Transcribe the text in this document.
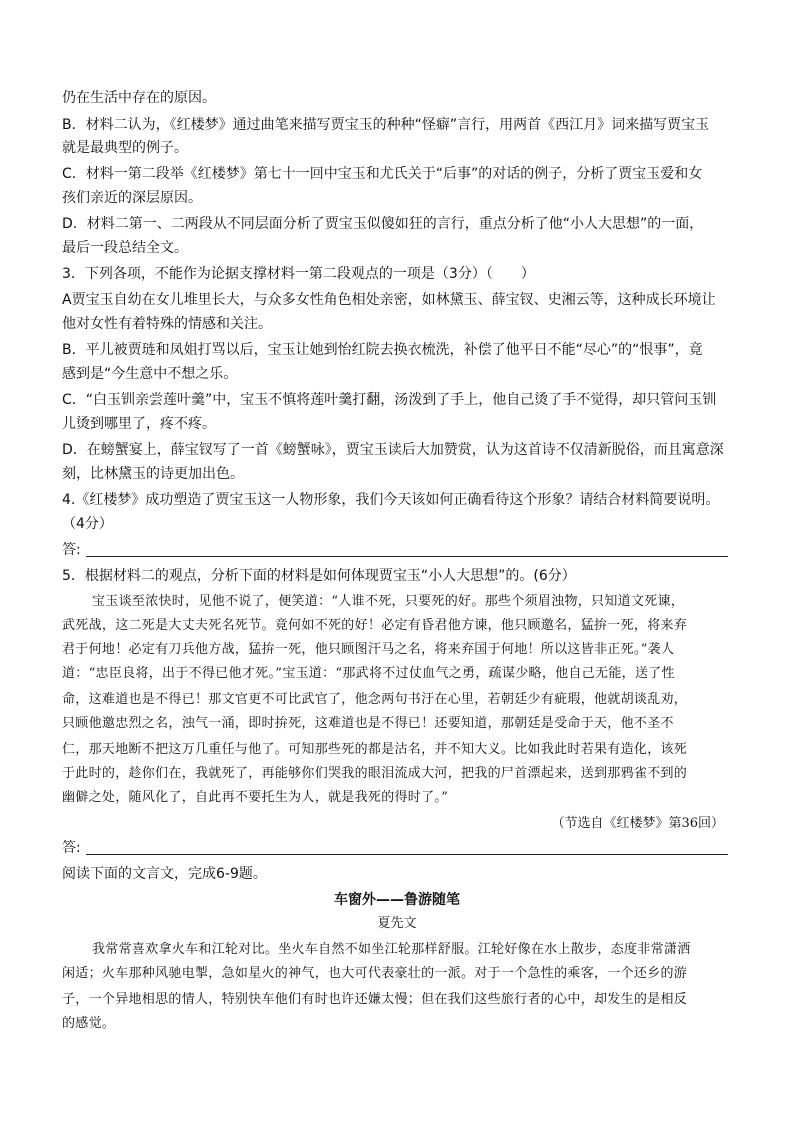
仍在生活中存在的原因。
B．材料二认为，《红楼梦》通过曲笔来描写贾宝玉的种种“怪癖”言行，用两首《西江月》词来描写贾宝玉
就是最典型的例子。
C．材料一第二段举《红楼梦》第七十一回中宝玉和尤氏关于“后事”的对话的例子，分析了贾宝玉爱和女
孩们亲近的深层原因。
D．材料二第一、二两段从不同层面分析了贾宝玉似傻如狂的言行，重点分析了他“小人大思想”的一面，
最后一段总结全文。
3．下列各项，不能作为论据支撑材料一第二段观点的一项是（3分）（　　）
A贾宝玉自幼在女儿堆里长大，与众多女性角色相处亲密，如林黛玉、薛宝钗、史湘云等，这种成长环境让
他对女性有着特殊的情感和关注。
B．平儿被贾琏和凤姐打骂以后，宝玉让她到怡红院去换衣梳洗，补偿了他平日不能“尽心”的“恨事”，竟
感到是“今生意中不想之乐。
C．“白玉钏亲尝莲叶羹”中，宝玉不慎将莲叶羹打翻，汤泼到了手上，他自己烫了手不觉得，却只管问玉钏
儿烫到哪里了，疼不疼。
D．在螃蟹宴上，薛宝钗写了一首《螃蟹咏》，贾宝玉读后大加赞赏，认为这首诗不仅清新脱俗，而且寓意深
刻，比林黛玉的诗更加出色。
4.《红楼梦》成功塑造了贾宝玉这一人物形象，我们今天该如何正确看待这个形象？请结合材料简要说明。
（4分）
答:
5．根据材料二的观点，分析下面的材料是如何体现贾宝玉“小人大思想”的。(6分）
宝玉谈至浓快时，见他不说了，便笑道：“人谁不死，只要死的好。那些个须眉浊物，只知道文死谏，
武死战，这二死是大丈夫死名死节。竟何如不死的好！必定有昏君他方谏，他只顾邀名，猛拚一死，将来弃
君于何地！必定有刀兵他方战，猛拚一死，他只顾图汗马之名，将来弃国于何地！所以这皆非正死。”袭人
道：“忠臣良将，出于不得已他才死。”宝玉道：“那武将不过仗血气之勇，疏谋少略，他自己无能，送了性
命，这难道也是不得已！那文官更不可比武官了，他念两句书汙在心里，若朝廷少有疵瑕，他就胡谈乱劝，
只顾他邀忠烈之名，浊气一涌，即时拚死，这难道也是不得已！还要知道，那朝廷是受命于天，他不圣不
仁，那天地断不把这万几重任与他了。可知那些死的都是沽名，并不知大义。比如我此时若果有造化，该死
于此时的，趁你们在，我就死了，再能够你们哭我的眼泪流成大河，把我的尸首漂起来，送到那鸦雀不到的
幽僻之处，随风化了，自此再不要托生为人，就是我死的得时了。”
（节选自《红楼梦》第36回）
答:
阅读下面的文言文，完成6-9题。
车窗外——鲁游随笔
夏先文
我常常喜欢拿火车和江轮对比。坐火车自然不如坐江轮那样舒服。江轮好像在水上散步，态度非常潇洒
闲适；火车那种风驰电掣，急如星火的神气，也大可代表豪壮的一派。对于一个急性的乘客，一个还乡的游
子，一个异地相思的情人，特别快车他们有时也许还嫌太慢；但在我们这些旅行者的心中，却发生的是相反
的感觉。
